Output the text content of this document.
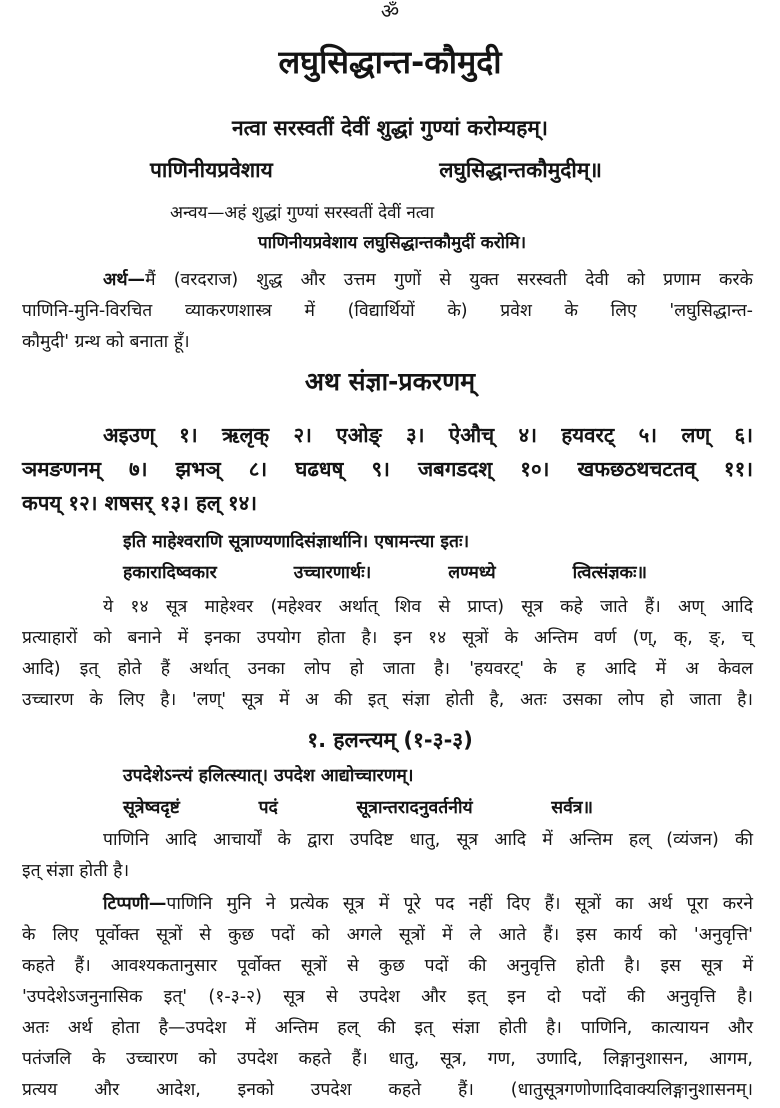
ॐ
लघुसिद्धान्त-कौमुदी
नत्वा सरस्वतीं देवीं शुद्धां गुण्यां करोम्यहम्।
पाणिनीयप्रवेशाय	लघुसिद्धान्तकौमुदीम्॥
अन्वय—अहं शुद्धां गुण्यां सरस्वतीं देवीं नत्वा
पाणिनीयप्रवेशाय लघुसिद्धान्तकौमुदीं करोमि।
अर्थ—मैं (वरदराज) शुद्ध और उत्तम गुणों से युक्त सरस्वती देवी को प्रणाम करके
पाणिनि-मुनि-विरचित व्याकरणशास्त्र में (विद्यार्थियों के) प्रवेश के लिए 'लघुसिद्धान्त-
कौमुदी' ग्रन्थ को बनाता हूँ।
अथ संज्ञा-प्रकरणम्
अइउण् १। ऋलृक् २। एओङ् ३। ऐऔच् ४। हयवरट् ५। लण् ६।
ञमङणनम् ७। झभञ् ८। घढधष् ९। जबगडदश् १०। खफछठथचटतव् ११।
कपय् १२। शषसर् १३। हल् १४।
इति माहेश्वराणि सूत्राण्यणादिसंज्ञार्थानि। एषामन्त्या इतः।
हकारादिष्वकार	उच्चारणार्थः।	लण्मध्ये	त्वित्संज्ञकः॥
ये १४ सूत्र माहेश्वर (महेश्वर अर्थात् शिव से प्राप्त) सूत्र कहे जाते हैं। अण् आदि
प्रत्याहारों को बनाने में इनका उपयोग होता है। इन १४ सूत्रों के अन्तिम वर्ण (ण्, क्, ङ्, च्
आदि) इत् होते हैं अर्थात् उनका लोप हो जाता है। 'हयवरट्' के ह आदि में अ केवल
उच्चारण के लिए है। 'लण्' सूत्र में अ की इत् संज्ञा होती है, अतः उसका लोप हो जाता है।
१. हलन्त्यम् (१-३-३)
उपदेशेऽन्त्यं हलित्स्यात्। उपदेश आद्योच्चारणम्।
सूत्रेष्वदृष्टं	पदं	सूत्रान्तरादनुवर्तनीयं	सर्वत्र॥
पाणिनि आदि आचार्यों के द्वारा उपदिष्ट धातु, सूत्र आदि में अन्तिम हल् (व्यंजन) की
इत् संज्ञा होती है।
टिप्पणी—पाणिनि मुनि ने प्रत्येक सूत्र में पूरे पद नहीं दिए हैं। सूत्रों का अर्थ पूरा करने
के लिए पूर्वोक्त सूत्रों से कुछ पदों को अगले सूत्रों में ले आते हैं। इस कार्य को 'अनुवृत्ति'
कहते हैं। आवश्यकतानुसार पूर्वोक्त सूत्रों से कुछ पदों की अनुवृत्ति होती है। इस सूत्र में
'उपदेशेऽजनुनासिक इत्' (१-३-२) सूत्र से उपदेश और इत् इन दो पदों की अनुवृत्ति है।
अतः अर्थ होता है—उपदेश में अन्तिम हल् की इत् संज्ञा होती है। पाणिनि, कात्यायन और
पतंजलि के उच्चारण को उपदेश कहते हैं। धातु, सूत्र, गण, उणादि, लिङ्गानुशासन, आगम,
प्रत्यय और आदेश, इनको उपदेश कहते हैं। (धातुसूत्रगणोणादिवाक्यलिङ्गानुशासनम्।
